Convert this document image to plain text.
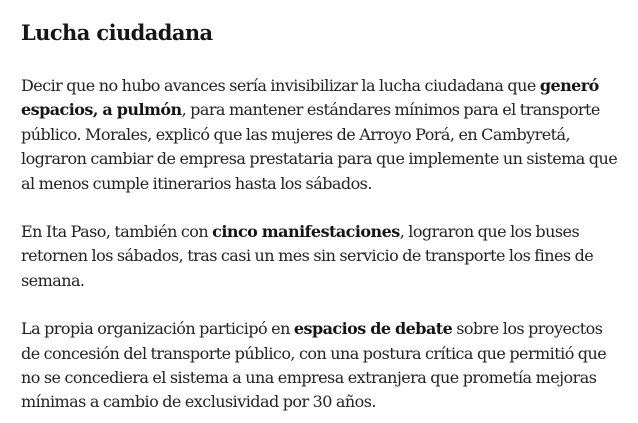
Lucha ciudadana

Decir que no hubo avances sería invisibilizar la lucha ciudadana que generó espacios, a pulmón, para mantener estándares mínimos para el transporte público. Morales, explicó que las mujeres de Arroyo Porá, en Cambyretá, lograron cambiar de empresa prestataria para que implemente un sistema que al menos cumple itinerarios hasta los sábados.

En Ita Paso, también con cinco manifestaciones, lograron que los buses retornen los sábados, tras casi un mes sin servicio de transporte los fines de semana.

La propia organización participó en espacios de debate sobre los proyectos de concesión del transporte público, con una postura crítica que permitió que no se concediera el sistema a una empresa extranjera que prometía mejoras mínimas a cambio de exclusividad por 30 años.
